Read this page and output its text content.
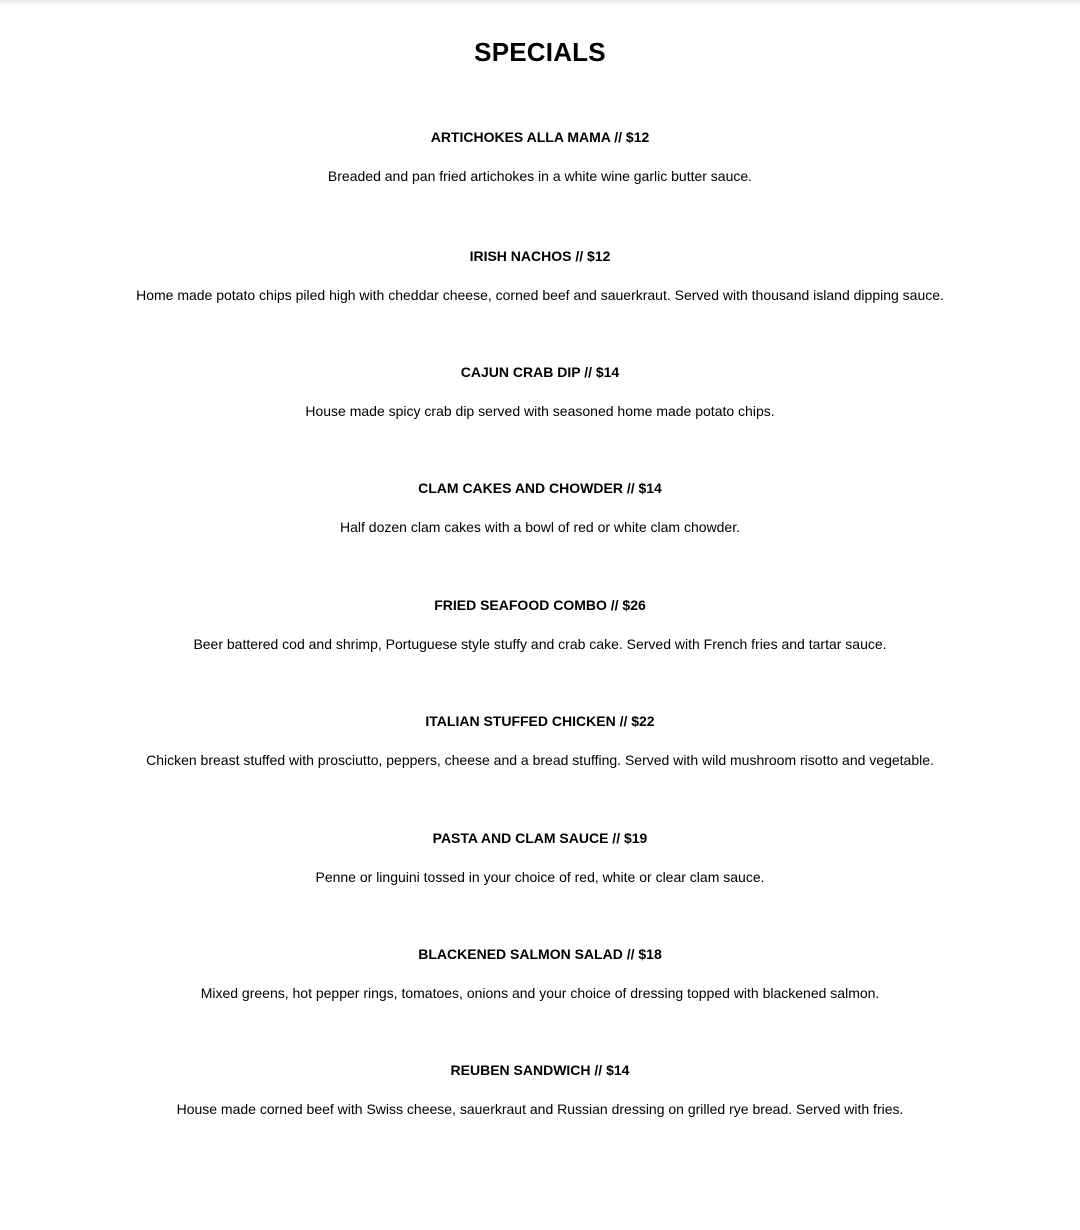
SPECIALS

ARTICHOKES ALLA MAMA // $12

Breaded and pan fried artichokes in a white wine garlic butter sauce.

IRISH NACHOS // $12

Home made potato chips piled high with cheddar cheese, corned beef and sauerkraut. Served with thousand island dipping sauce.

CAJUN CRAB DIP // $14

House made spicy crab dip served with seasoned home made potato chips.

CLAM CAKES AND CHOWDER // $14

Half dozen clam cakes with a bowl of red or white clam chowder.

FRIED SEAFOOD COMBO // $26

Beer battered cod and shrimp, Portuguese style stuffy and crab cake. Served with French fries and tartar sauce.

ITALIAN STUFFED CHICKEN // $22

Chicken breast stuffed with prosciutto, peppers, cheese and a bread stuffing. Served with wild mushroom risotto and vegetable.

PASTA AND CLAM SAUCE // $19

Penne or linguini tossed in your choice of red, white or clear clam sauce.

BLACKENED SALMON SALAD // $18

Mixed greens, hot pepper rings, tomatoes, onions and your choice of dressing topped with blackened salmon.

REUBEN SANDWICH // $14

House made corned beef with Swiss cheese, sauerkraut and Russian dressing on grilled rye bread. Served with fries.
